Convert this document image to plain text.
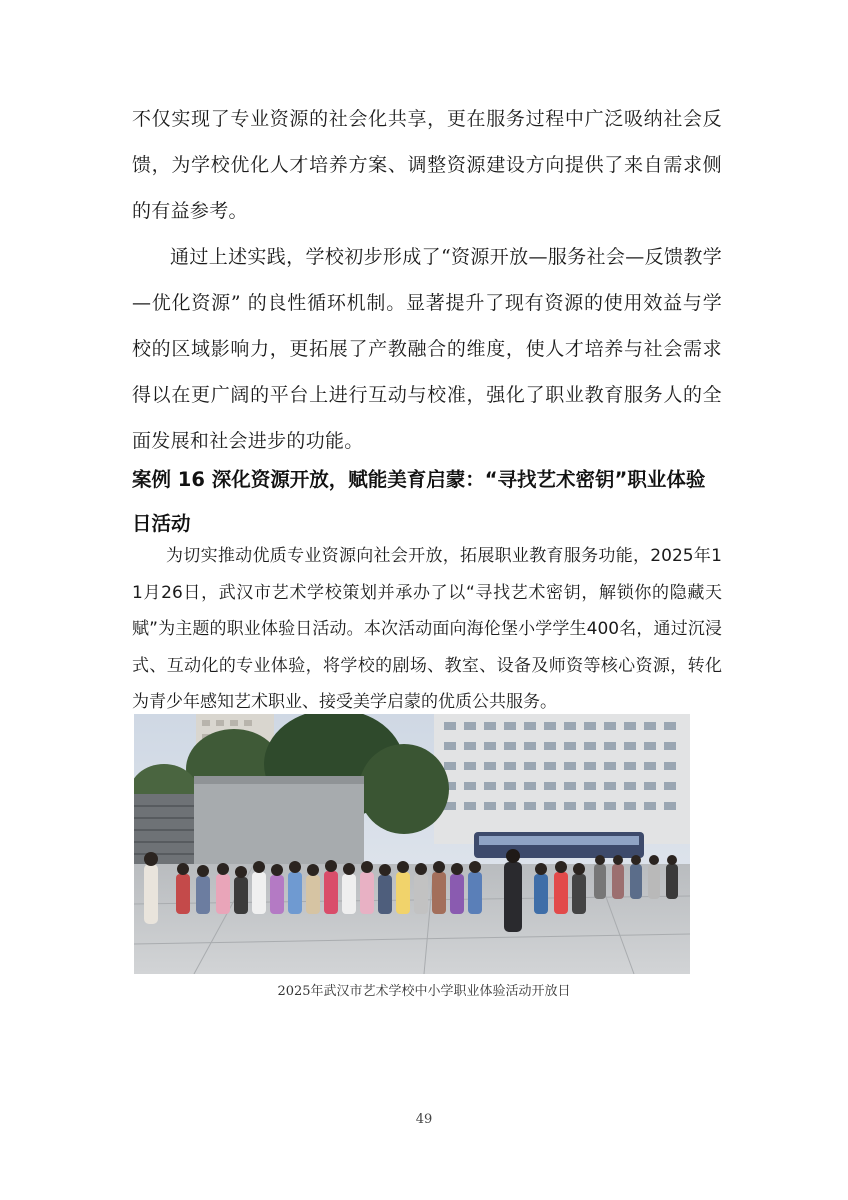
不仅实现了专业资源的社会化共享，更在服务过程中广泛吸纳社会反馈，为学校优化人才培养方案、调整资源建设方向提供了来自需求侧的有益参考。

通过上述实践，学校初步形成了“资源开放—服务社会—反馈教学—优化资源” 的良性循环机制。显著提升了现有资源的使用效益与学校的区域影响力，更拓展了产教融合的维度，使人才培养与社会需求得以在更广阔的平台上进行互动与校准，强化了职业教育服务人的全面发展和社会进步的功能。

案例 16 深化资源开放，赋能美育启蒙：“寻找艺术密钥”职业体验日活动

为切实推动优质专业资源向社会开放，拓展职业教育服务功能，2025年11月26日，武汉市艺术学校策划并承办了以“寻找艺术密钥，解锁你的隐藏天赋”为主题的职业体验日活动。本次活动面向海伦堡小学学生400名，通过沉浸式、互动化的专业体验，将学校的剧场、教室、设备及师资等核心资源，转化为青少年感知艺术职业、接受美学启蒙的优质公共服务。

2025年武汉市艺术学校中小学职业体验活动开放日

49
